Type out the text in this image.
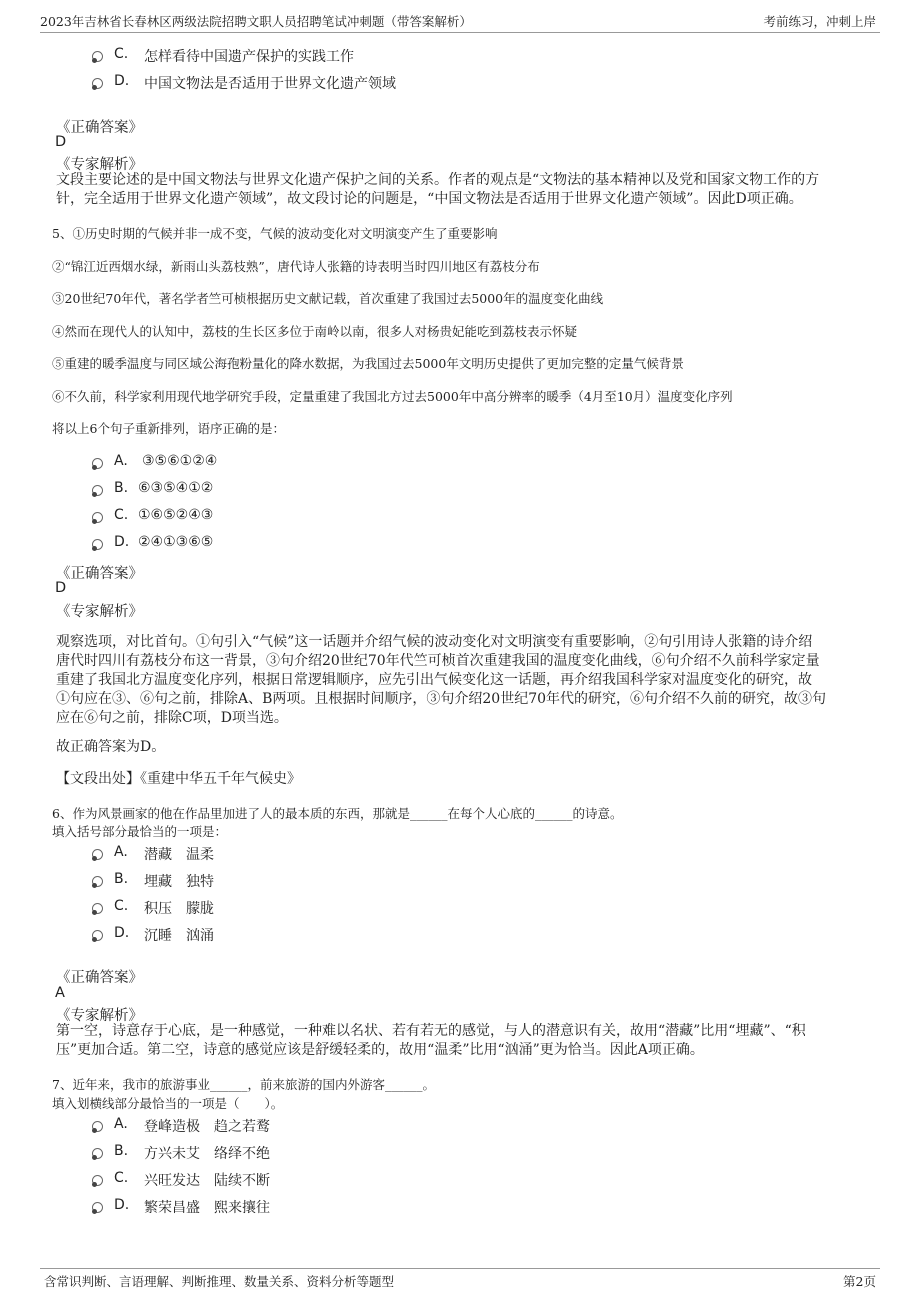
2023年吉林省长春林区两级法院招聘文职人员招聘笔试冲刺题（带答案解析）	考前练习，冲刺上岸
C. 怎样看待中国遗产保护的实践工作
D. 中国文物法是否适用于世界文化遗产领域
《正确答案》
D
《专家解析》
文段主要论述的是中国文物法与世界文化遗产保护之间的关系。作者的观点是“文物法的基本精神以及党和国家文物工作的方
针，完全适用于世界文化遗产领域”，故文段讨论的问题是，“中国文物法是否适用于世界文化遗产领域”。因此D项正确。
5、①历史时期的气候并非一成不变，气候的波动变化对文明演变产生了重要影响
②“锦江近西烟水绿，新雨山头荔枝熟”，唐代诗人张籍的诗表明当时四川地区有荔枝分布
③20世纪70年代，著名学者竺可桢根据历史文献记载，首次重建了我国过去5000年的温度变化曲线
④然而在现代人的认知中，荔枝的生长区多位于南岭以南，很多人对杨贵妃能吃到荔枝表示怀疑
⑤重建的暖季温度与同区域公海孢粉量化的降水数据，为我国过去5000年文明历史提供了更加完整的定量气候背景
⑥不久前，科学家利用现代地学研究手段，定量重建了我国北方过去5000年中高分辨率的暖季（4月至10月）温度变化序列
将以上6个句子重新排列，语序正确的是：
A. ③⑤⑥①②④
B. ⑥③⑤④①②
C. ①⑥⑤②④③
D. ②④①③⑥⑤
《正确答案》
D
《专家解析》
观察选项，对比首句。①句引入“气候”这一话题并介绍气候的波动变化对文明演变有重要影响，②句引用诗人张籍的诗介绍
唐代时四川有荔枝分布这一背景，③句介绍20世纪70年代竺可桢首次重建我国的温度变化曲线，⑥句介绍不久前科学家定量
重建了我国北方温度变化序列，根据日常逻辑顺序，应先引出气候变化这一话题，再介绍我国科学家对温度变化的研究，故
①句应在③、⑥句之前，排除A、B两项。且根据时间顺序，③句介绍20世纪70年代的研究，⑥句介绍不久前的研究，故③句
应在⑥句之前，排除C项，D项当选。
故正确答案为D。
【文段出处】《重建中华五千年气候史》
6、作为风景画家的他在作品里加进了人的最本质的东西，那就是______在每个人心底的______的诗意。
填入括号部分最恰当的一项是：
A. 潜藏　温柔
B. 埋藏　独特
C. 积压　朦胧
D. 沉睡　汹涌
《正确答案》
A
《专家解析》
第一空，诗意存于心底，是一种感觉，一种难以名状、若有若无的感觉，与人的潜意识有关，故用“潜藏”比用“埋藏”、“积
压”更加合适。第二空，诗意的感觉应该是舒缓轻柔的，故用“温柔”比用“汹涌”更为恰当。因此A项正确。
7、近年来，我市的旅游事业______，前来旅游的国内外游客______。
填入划横线部分最恰当的一项是（　　）。
A. 登峰造极　趋之若鹜
B. 方兴未艾　络绎不绝
C. 兴旺发达　陆续不断
D. 繁荣昌盛　熙来攘往
含常识判断、言语理解、判断推理、数量关系、资料分析等题型	第2页
